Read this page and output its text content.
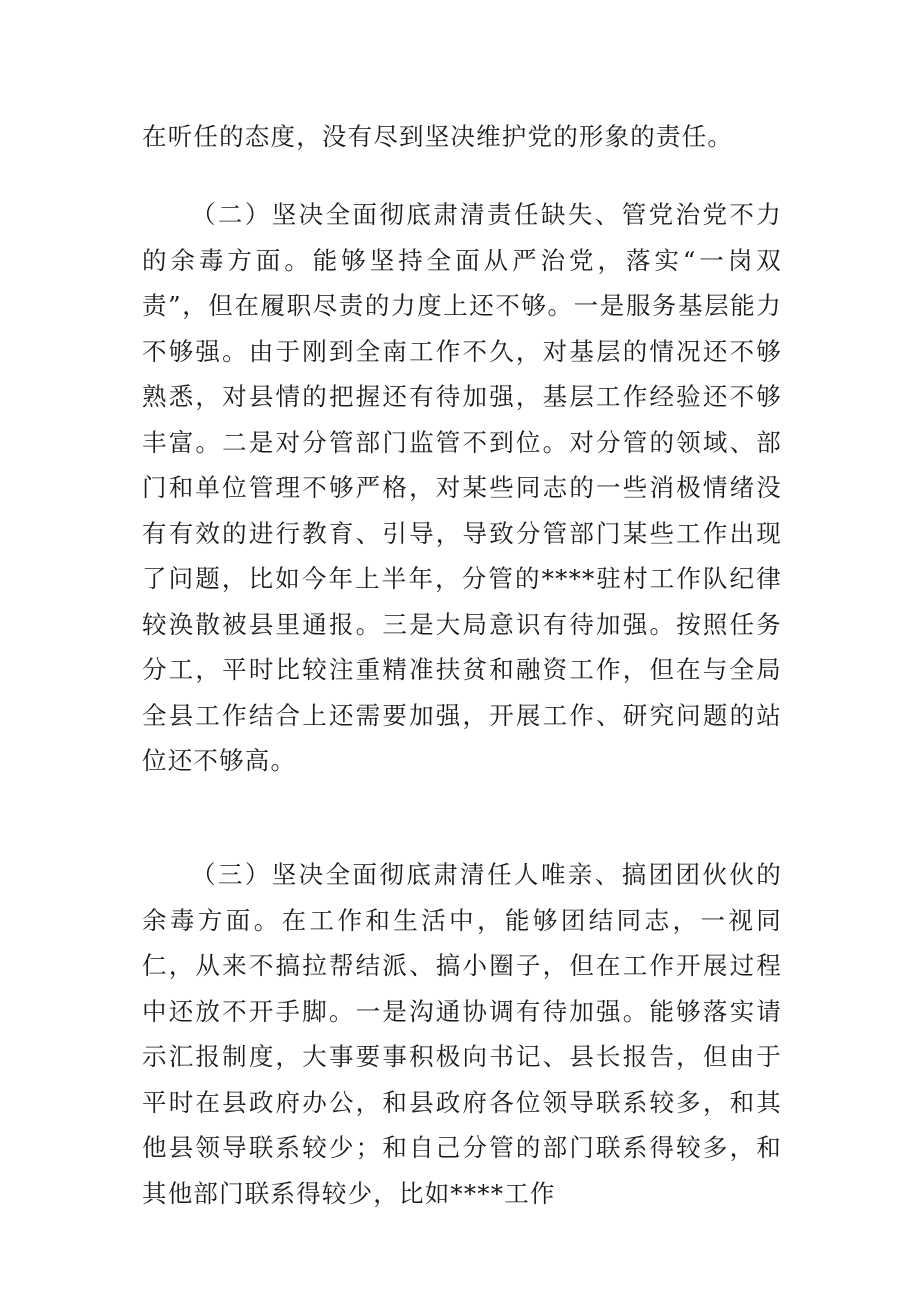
在听任的态度，没有尽到坚决维护党的形象的责任。

（二）坚决全面彻底肃清责任缺失、管党治党不力的余毒方面。能够坚持全面从严治党，落实“一岗双责”，但在履职尽责的力度上还不够。一是服务基层能力不够强。由于刚到全南工作不久，对基层的情况还不够熟悉，对县情的把握还有待加强，基层工作经验还不够丰富。二是对分管部门监管不到位。对分管的领域、部门和单位管理不够严格，对某些同志的一些消极情绪没有有效的进行教育、引导，导致分管部门某些工作出现了问题，比如今年上半年，分管的****驻村工作队纪律较涣散被县里通报。三是大局意识有待加强。按照任务分工，平时比较注重精准扶贫和融资工作，但在与全局全县工作结合上还需要加强，开展工作、研究问题的站位还不够高。

（三）坚决全面彻底肃清任人唯亲、搞团团伙伙的余毒方面。在工作和生活中，能够团结同志，一视同仁，从来不搞拉帮结派、搞小圈子，但在工作开展过程中还放不开手脚。一是沟通协调有待加强。能够落实请示汇报制度，大事要事积极向书记、县长报告，但由于平时在县政府办公，和县政府各位领导联系较多，和其他县领导联系较少；和自己分管的部门联系得较多，和其他部门联系得较少，比如****工作
